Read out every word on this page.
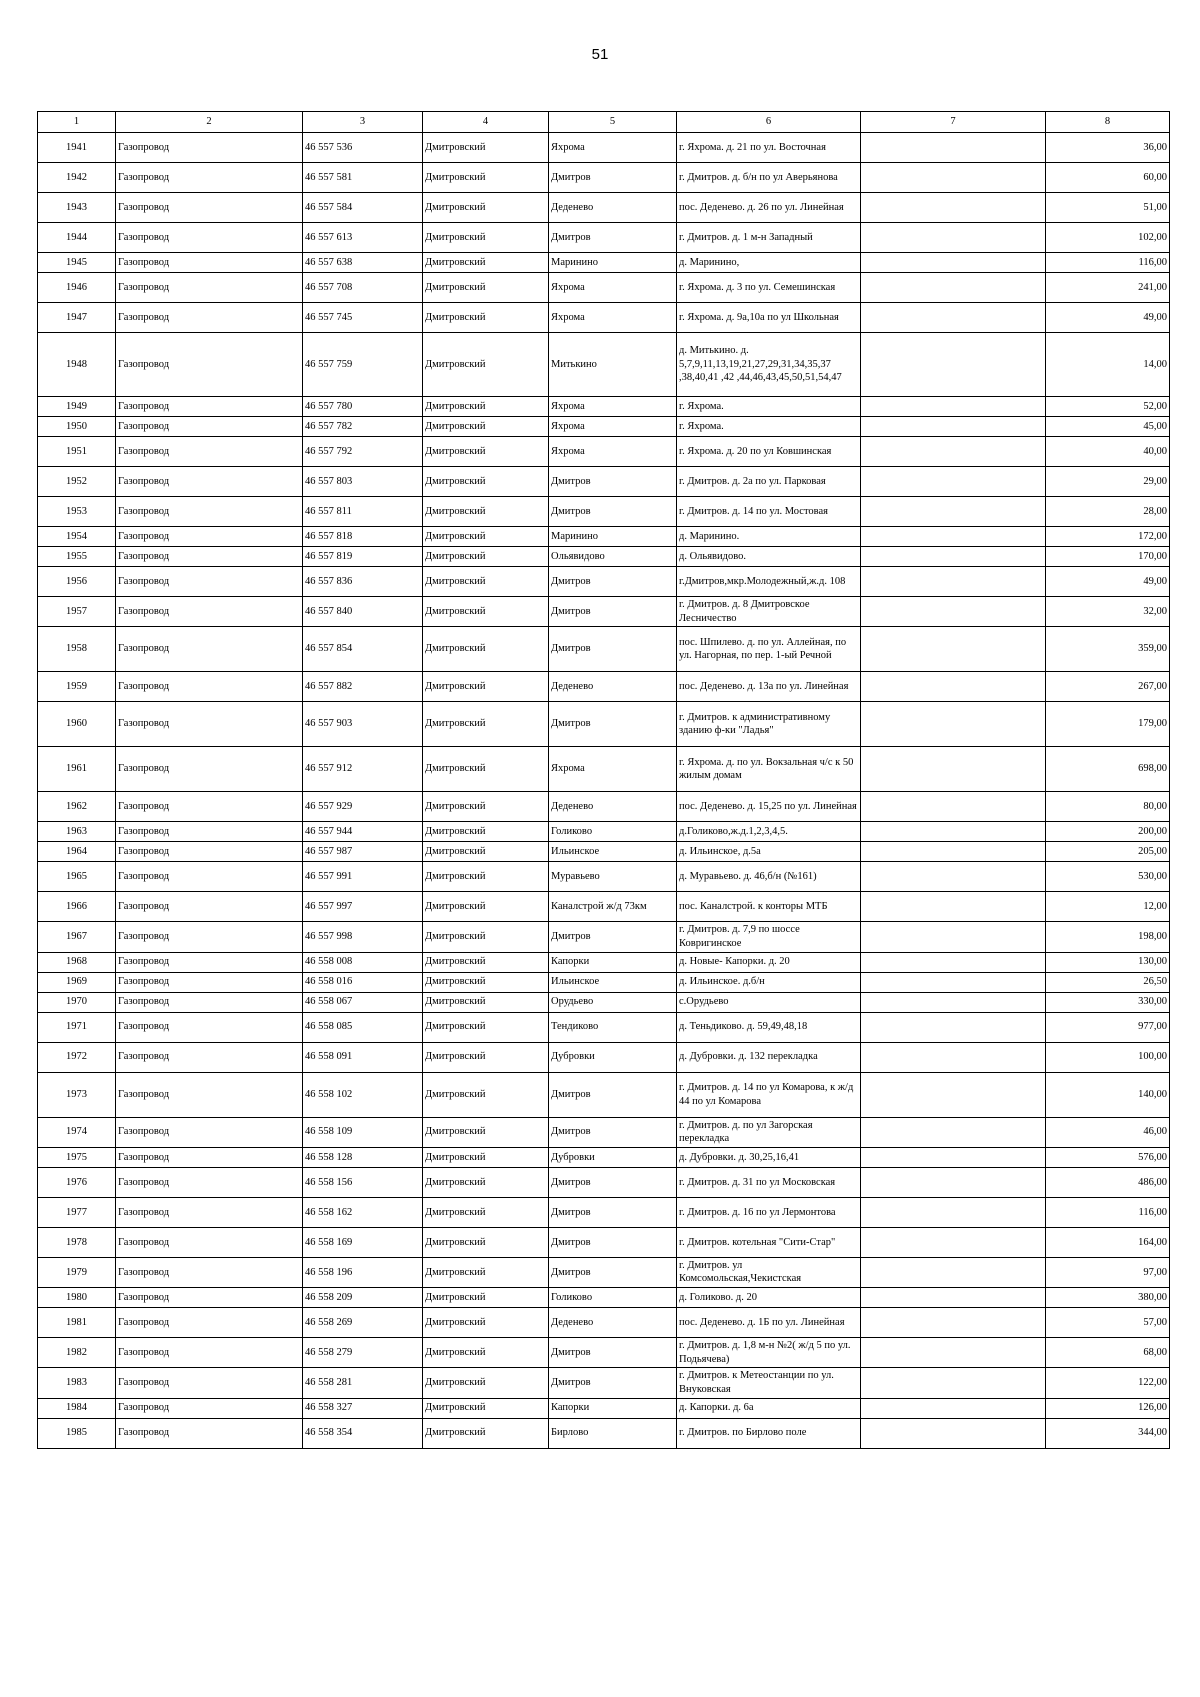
51
1	2	3	4	5	6	7	8
1941	Газопровод	46 557 536	Дмитровский	Яхрома	г. Яхрома. д. 21 по ул. Восточная		36,00
1942	Газопровод	46 557 581	Дмитровский	Дмитров	г. Дмитров. д. б/н по ул Аверьянова		60,00
1943	Газопровод	46 557 584	Дмитровский	Деденево	пос. Деденево. д. 26 по ул. Линейная		51,00
1944	Газопровод	46 557 613	Дмитровский	Дмитров	г. Дмитров. д. 1 м-н Западный		102,00
1945	Газопровод	46 557 638	Дмитровский	Маринино	д. Маринино,		116,00
1946	Газопровод	46 557 708	Дмитровский	Яхрома	г. Яхрома. д. 3 по ул. Семешинская		241,00
1947	Газопровод	46 557 745	Дмитровский	Яхрома	г. Яхрома. д. 9а,10а по ул Школьная		49,00
1948	Газопровод	46 557 759	Дмитровский	Митькино	д. Митькино. д. 5,7,9,11,13,19,21,27,29,31,34,35,37 ,38,40,41 ,42 ,44,46,43,45,50,51,54,47		14,00
1949	Газопровод	46 557 780	Дмитровский	Яхрома	г. Яхрома.		52,00
1950	Газопровод	46 557 782	Дмитровский	Яхрома	г. Яхрома.		45,00
1951	Газопровод	46 557 792	Дмитровский	Яхрома	г. Яхрома. д. 20 по ул Ковшинская		40,00
1952	Газопровод	46 557 803	Дмитровский	Дмитров	г. Дмитров. д. 2а по ул. Парковая		29,00
1953	Газопровод	46 557 811	Дмитровский	Дмитров	г. Дмитров. д. 14 по ул. Мостовая		28,00
1954	Газопровод	46 557 818	Дмитровский	Маринино	д. Маринино.		172,00
1955	Газопровод	46 557 819	Дмитровский	Ольявидово	д. Ольявидово.		170,00
1956	Газопровод	46 557 836	Дмитровский	Дмитров	г.Дмитров,мкр.Молодежный,ж.д. 108		49,00
1957	Газопровод	46 557 840	Дмитровский	Дмитров	г. Дмитров. д. 8 Дмитровское Лесничество		32,00
1958	Газопровод	46 557 854	Дмитровский	Дмитров	пос. Шпилево. д. по ул. Аллейная, по ул. Нагорная, по пер. 1-ый Речной		359,00
1959	Газопровод	46 557 882	Дмитровский	Деденево	пос. Деденево. д. 13а по ул. Линейная		267,00
1960	Газопровод	46 557 903	Дмитровский	Дмитров	г. Дмитров. к административному зданию ф-ки "Ладья"		179,00
1961	Газопровод	46 557 912	Дмитровский	Яхрома	г. Яхрома. д. по ул. Вокзальная ч/с к 50 жилым домам		698,00
1962	Газопровод	46 557 929	Дмитровский	Деденево	пос. Деденево. д. 15,25 по ул. Линейная		80,00
1963	Газопровод	46 557 944	Дмитровский	Голиково	д.Голиково,ж.д.1,2,3,4,5.		200,00
1964	Газопровод	46 557 987	Дмитровский	Ильинское	д. Ильинское, д.5а		205,00
1965	Газопровод	46 557 991	Дмитровский	Муравьево	д. Муравьево. д. 46,б/н (№161)		530,00
1966	Газопровод	46 557 997	Дмитровский	Каналстрой ж/д 73км	пос. Каналстрой. к конторы МТБ		12,00
1967	Газопровод	46 557 998	Дмитровский	Дмитров	г. Дмитров. д. 7,9 по шоссе Ковригинское		198,00
1968	Газопровод	46 558 008	Дмитровский	Капорки	д. Новые- Капорки. д. 20		130,00
1969	Газопровод	46 558 016	Дмитровский	Ильинское	д. Ильинское. д.б/н		26,50
1970	Газопровод	46 558 067	Дмитровский	Орудьево	с.Орудьево		330,00
1971	Газопровод	46 558 085	Дмитровский	Тендиково	д. Теньдиково. д. 59,49,48,18		977,00
1972	Газопровод	46 558 091	Дмитровский	Дубровки	д. Дубровки. д. 132 перекладка		100,00
1973	Газопровод	46 558 102	Дмитровский	Дмитров	г. Дмитров. д. 14 по ул Комарова, к ж/д 44 по ул Комарова		140,00
1974	Газопровод	46 558 109	Дмитровский	Дмитров	г. Дмитров. д. по ул Загорская перекладка		46,00
1975	Газопровод	46 558 128	Дмитровский	Дубровки	д. Дубровки. д. 30,25,16,41		576,00
1976	Газопровод	46 558 156	Дмитровский	Дмитров	г. Дмитров. д. 31 по ул Московская		486,00
1977	Газопровод	46 558 162	Дмитровский	Дмитров	г. Дмитров. д. 16 по ул Лермонтова		116,00
1978	Газопровод	46 558 169	Дмитровский	Дмитров	г. Дмитров. котельная "Сити-Стар"		164,00
1979	Газопровод	46 558 196	Дмитровский	Дмитров	г. Дмитров. ул Комсомольская,Чекистская		97,00
1980	Газопровод	46 558 209	Дмитровский	Голиково	д. Голиково. д. 20		380,00
1981	Газопровод	46 558 269	Дмитровский	Деденево	пос. Деденево. д. 1Б по ул. Линейная		57,00
1982	Газопровод	46 558 279	Дмитровский	Дмитров	г. Дмитров. д. 1,8 м-н №2( ж/д 5 по ул. Подьячева)		68,00
1983	Газопровод	46 558 281	Дмитровский	Дмитров	г. Дмитров. к Метеостанции по ул. Внуковская		122,00
1984	Газопровод	46 558 327	Дмитровский	Капорки	д. Капорки. д. 6а		126,00
1985	Газопровод	46 558 354	Дмитровский	Бирлово	г. Дмитров. по Бирлово поле		344,00
